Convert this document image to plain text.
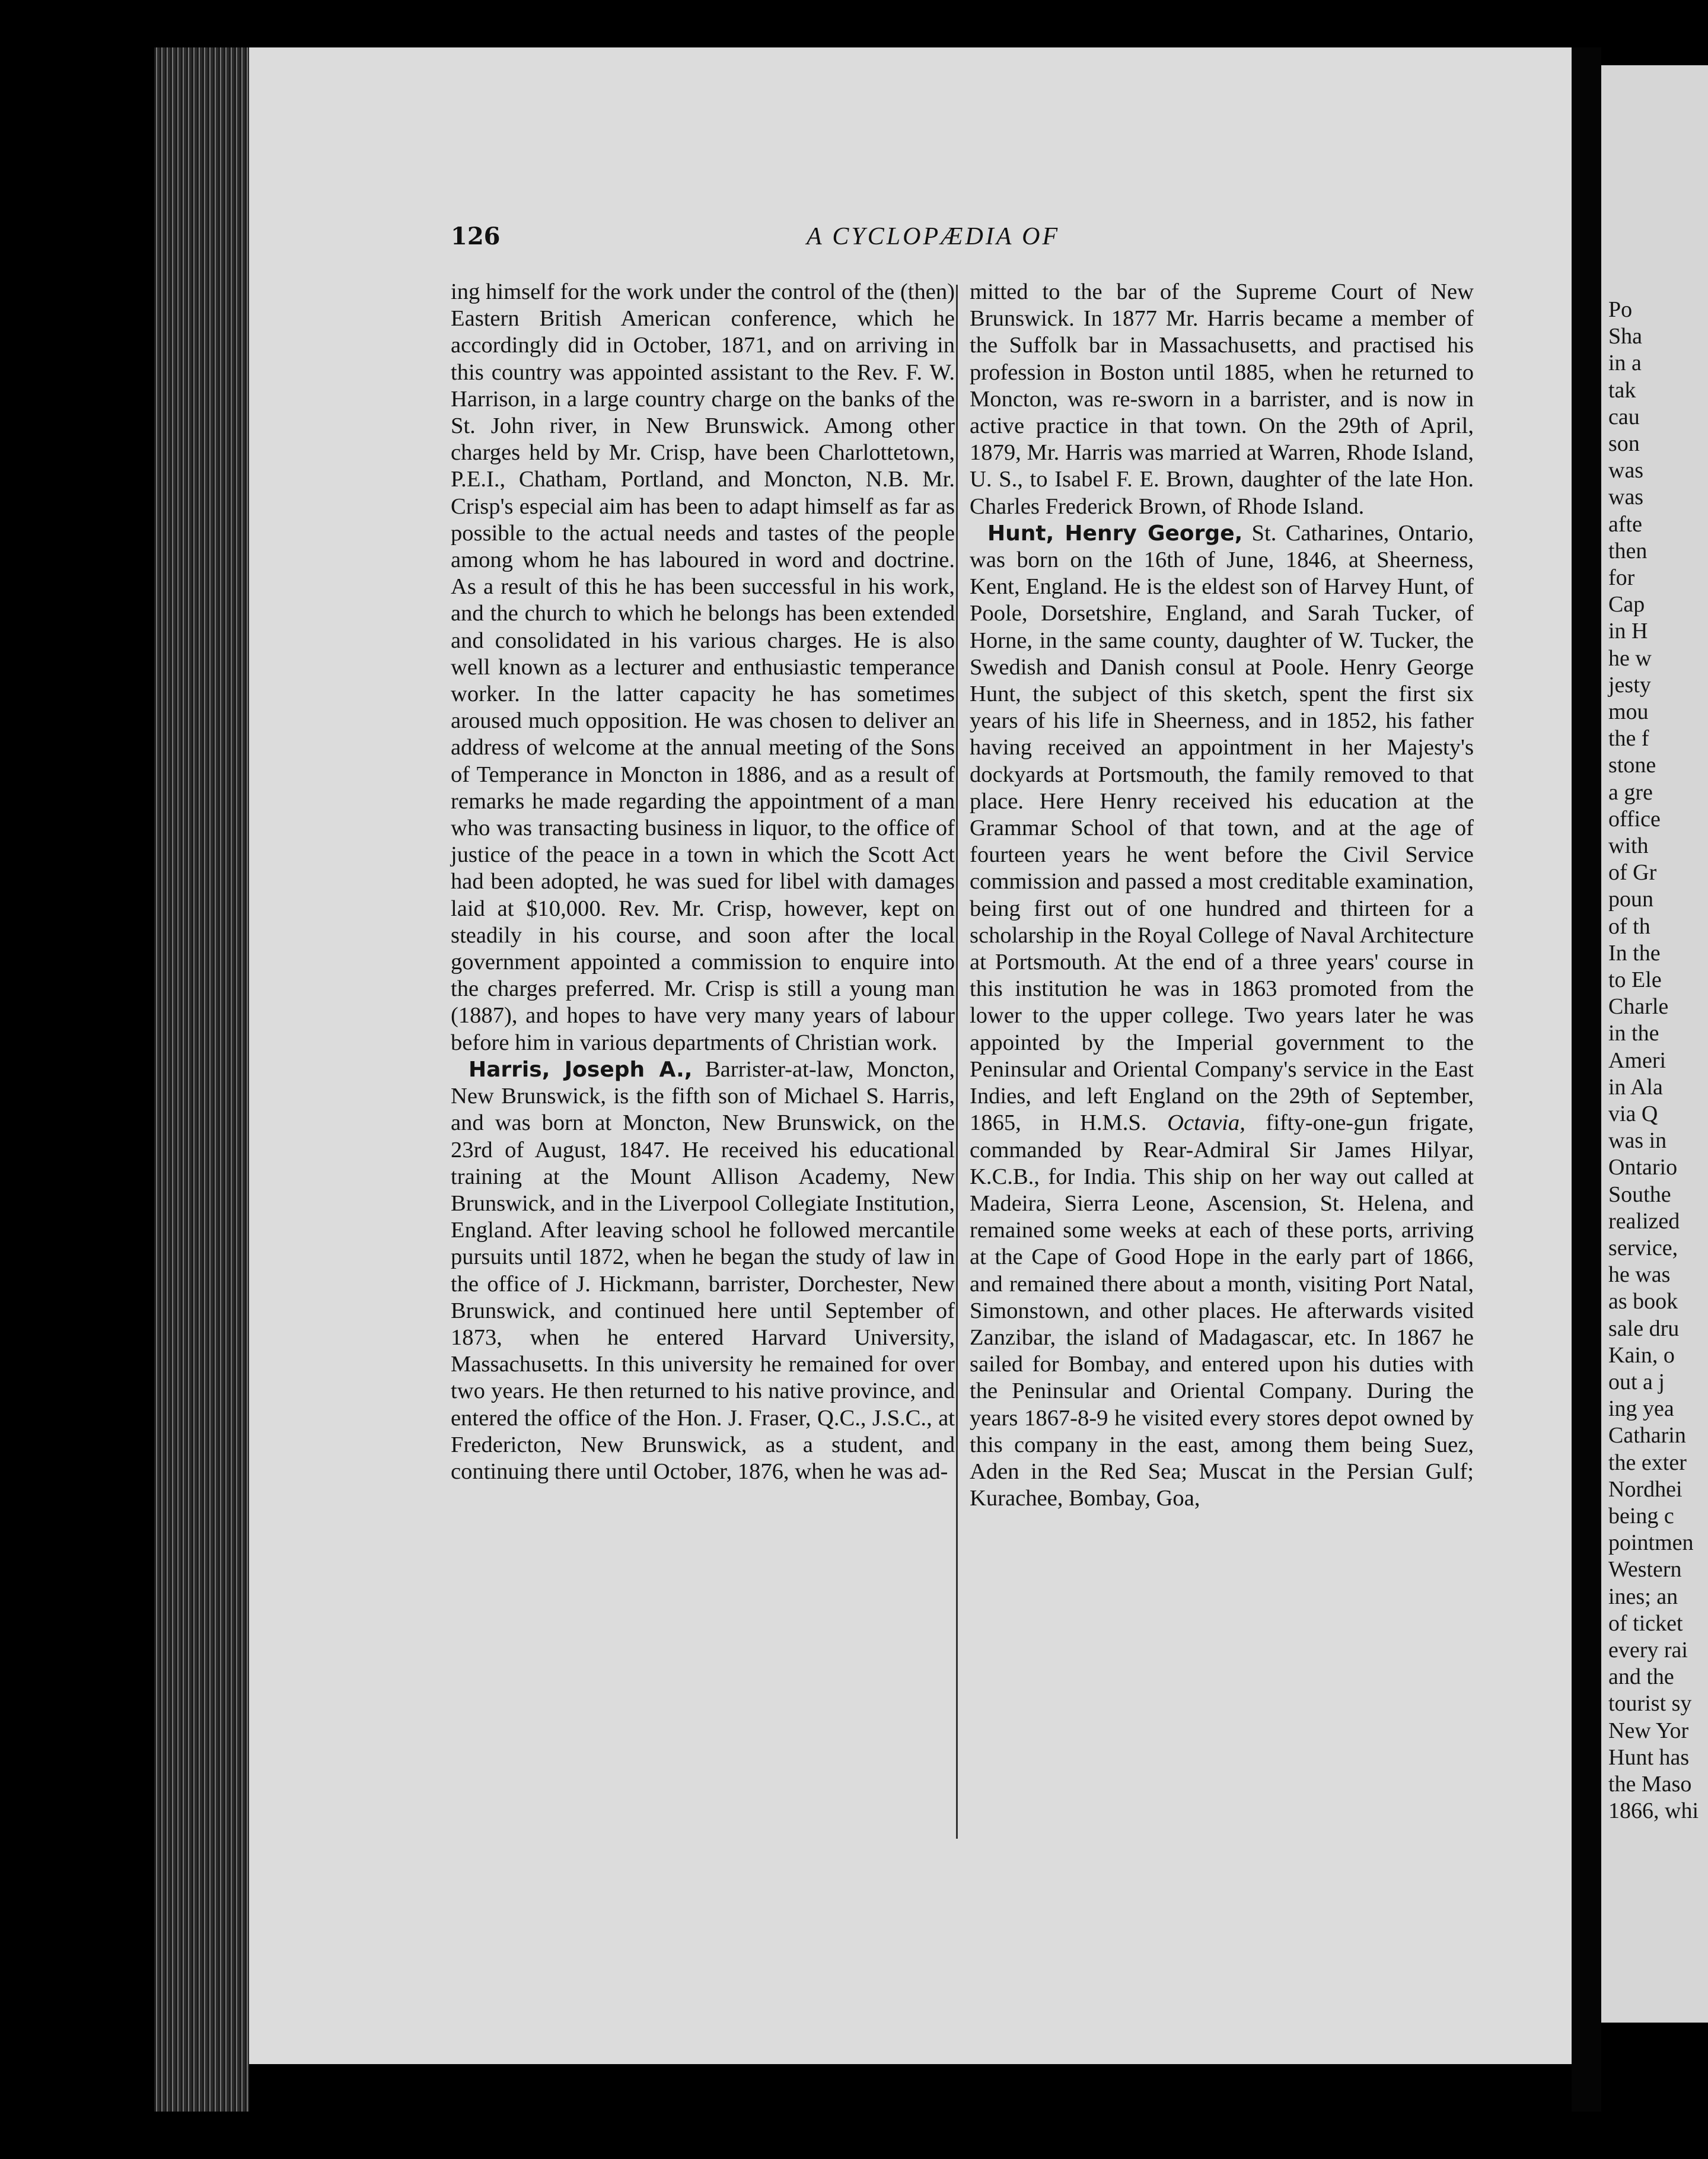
126	A CYCLOPÆDIA OF

ing himself for the work under the control of the (then) Eastern British American conference, which he accordingly did in October, 1871, and on arriving in this country was appointed assistant to the Rev. F. W. Harrison, in a large country charge on the banks of the St. John river, in New Brunswick. Among other charges held by Mr. Crisp, have been Charlottetown, P.E.I., Chatham, Portland, and Moncton, N.B. Mr. Crisp's especial aim has been to adapt himself as far as possible to the actual needs and tastes of the people among whom he has laboured in word and doctrine. As a result of this he has been successful in his work, and the church to which he belongs has been extended and consolidated in his various charges. He is also well known as a lecturer and enthusiastic temperance worker. In the latter capacity he has sometimes aroused much opposition. He was chosen to deliver an address of welcome at the annual meeting of the Sons of Temperance in Moncton in 1886, and as a result of remarks he made regarding the appointment of a man who was transacting business in liquor, to the office of justice of the peace in a town in which the Scott Act had been adopted, he was sued for libel with damages laid at $10,000. Rev. Mr. Crisp, however, kept on steadily in his course, and soon after the local government appointed a commission to enquire into the charges preferred. Mr. Crisp is still a young man (1887), and hopes to have very many years of labour before him in various departments of Christian work.

Harris, Joseph A., Barrister-at-law, Moncton, New Brunswick, is the fifth son of Michael S. Harris, and was born at Moncton, New Brunswick, on the 23rd of August, 1847. He received his educational training at the Mount Allison Academy, New Brunswick, and in the Liverpool Collegiate Institution, England. After leaving school he followed mercantile pursuits until 1872, when he began the study of law in the office of J. Hickmann, barrister, Dorchester, New Brunswick, and continued here until September of 1873, when he entered Harvard University, Massachusetts. In this university he remained for over two years. He then returned to his native province, and entered the office of the Hon. J. Fraser, Q.C., J.S.C., at Fredericton, New Brunswick, as a student, and continuing there until October, 1876, when he was ad-

mitted to the bar of the Supreme Court of New Brunswick. In 1877 Mr. Harris became a member of the Suffolk bar in Massachusetts, and practised his profession in Boston until 1885, when he returned to Moncton, was re-sworn in a barrister, and is now in active practice in that town. On the 29th of April, 1879, Mr. Harris was married at Warren, Rhode Island, U. S., to Isabel F. E. Brown, daughter of the late Hon. Charles Frederick Brown, of Rhode Island.

Hunt, Henry George, St. Catharines, Ontario, was born on the 16th of June, 1846, at Sheerness, Kent, England. He is the eldest son of Harvey Hunt, of Poole, Dorsetshire, England, and Sarah Tucker, of Horne, in the same county, daughter of W. Tucker, the Swedish and Danish consul at Poole. Henry George Hunt, the subject of this sketch, spent the first six years of his life in Sheerness, and in 1852, his father having received an appointment in her Majesty's dockyards at Portsmouth, the family removed to that place. Here Henry received his education at the Grammar School of that town, and at the age of fourteen years he went before the Civil Service commission and passed a most creditable examination, being first out of one hundred and thirteen for a scholarship in the Royal College of Naval Architecture at Portsmouth. At the end of a three years' course in this institution he was in 1863 promoted from the lower to the upper college. Two years later he was appointed by the Imperial government to the Peninsular and Oriental Company's service in the East Indies, and left England on the 29th of September, 1865, in H.M.S. Octavia, fifty-one-gun frigate, commanded by Rear-Admiral Sir James Hilyar, K.C.B., for India. This ship on her way out called at Madeira, Sierra Leone, Ascension, St. Helena, and remained some weeks at each of these ports, arriving at the Cape of Good Hope in the early part of 1866, and remained there about a month, visiting Port Natal, Simonstown, and other places. He afterwards visited Zanzibar, the island of Madagascar, etc. In 1867 he sailed for Bombay, and entered upon his duties with the Peninsular and Oriental Company. During the years 1867-8-9 he visited every stores depot owned by this company in the east, among them being Suez, Aden in the Red Sea; Muscat in the Persian Gulf; Kurachee, Bombay, Goa,

Po
Sha
in a
tak
cau
son
was
was
afte
then
for
Cap
in H
he w
jesty
mou
the f
stone
a gre
office
with
of Gr
poun
of th
In the
to Ele
Charle
in the
Ameri
in Ala
via Q
was in
Ontario
Southe
realized
service,
he was
as book
sale dru
Kain, o
out a j
ing yea
Catharin
the exter
Nordhei
being c
pointmen
Western
ines; an
of ticket
every rai
and the
tourist sy
New Yor
Hunt has
the Maso
1866, whi
